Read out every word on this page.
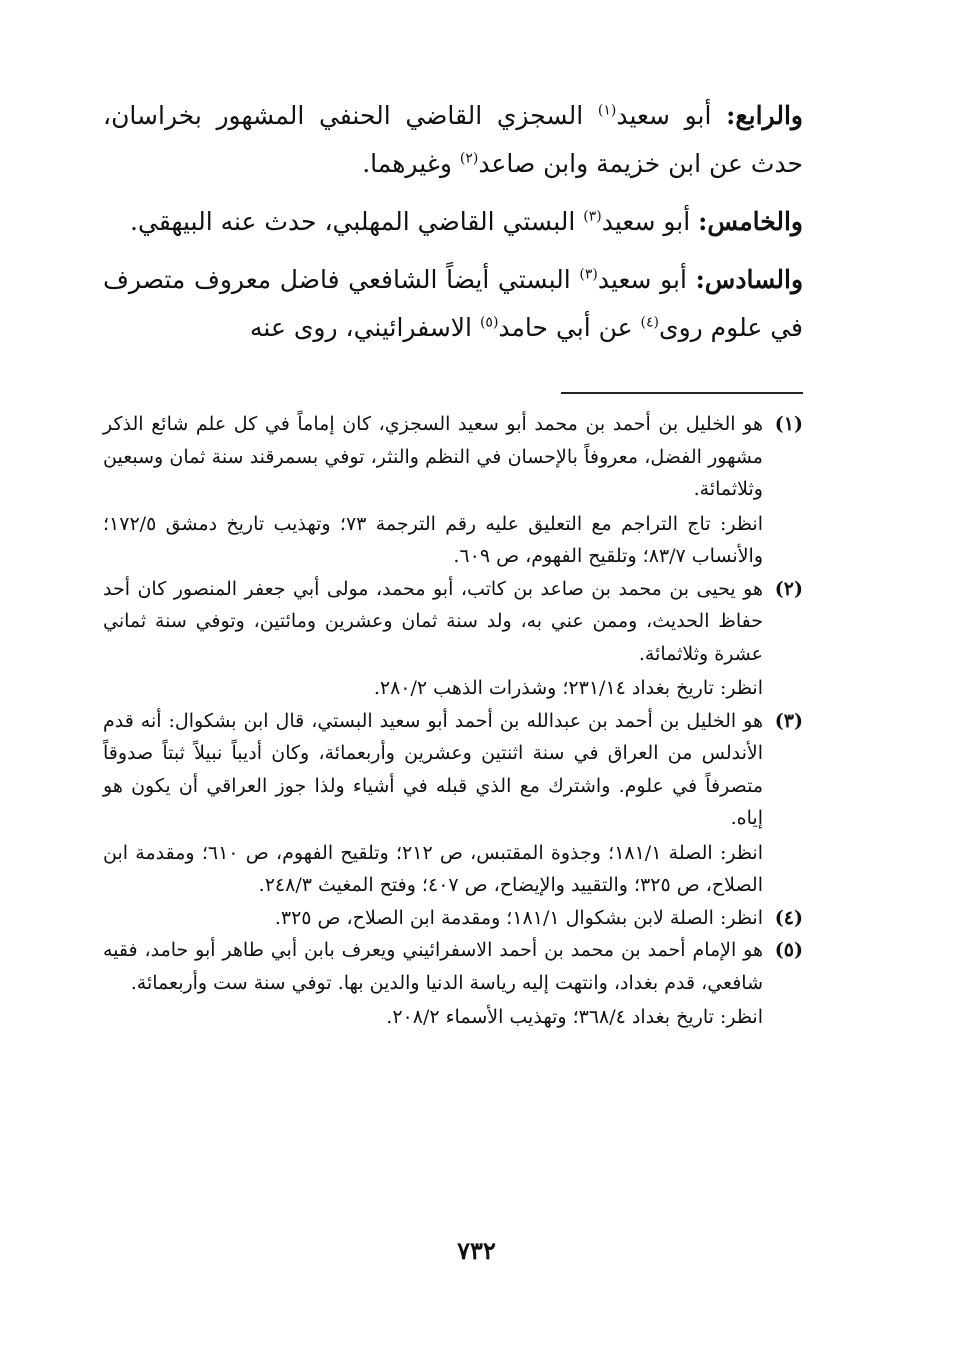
والرابع: أبو سعيد$^{(١)}$ السجزي القاضي الحنفي المشهور بخراسان، حدث عن ابن خزيمة وابن صاعد$^{(٢)}$ وغيرهما.

والخامس: أبو سعيد$^{(٣)}$ البستي القاضي المهلبي، حدث عنه البيهقي.

والسادس: أبو سعيد$^{(٣)}$ البستي أيضاً الشافعي فاضل معروف متصرف في علوم روى$^{(٤)}$ عن أبي حامد$^{(٥)}$ الاسفرائيني، روى عنه

(١)

هو الخليل بن أحمد بن محمد أبو سعيد السجزي، كان إماماً في كل علم شائع الذكر مشهور الفضل، معروفاً بالإحسان في النظم والنثر، توفي بسمرقند سنة ثمان وسبعين وثلاثمائة.

انظر: تاج التراجم مع التعليق عليه رقم الترجمة ٧٣؛ وتهذيب تاريخ دمشق ١٧٢/٥؛ والأنساب ٨٣/٧؛ وتلقيح الفهوم، ص ٦٠٩.

(٢)

هو يحيى بن محمد بن صاعد بن كاتب، أبو محمد، مولى أبي جعفر المنصور كان أحد حفاظ الحديث، وممن عني به، ولد سنة ثمان وعشرين ومائتين، وتوفي سنة ثماني عشرة وثلاثمائة.

انظر: تاريخ بغداد ٢٣١/١٤؛ وشذرات الذهب ٢٨٠/٢.

(٣)

هو الخليل بن أحمد بن عبدالله بن أحمد أبو سعيد البستي، قال ابن بشكوال: أنه قدم الأندلس من العراق في سنة اثنتين وعشرين وأربعمائة، وكان أديباً نبيلاً ثبتاً صدوقاً متصرفاً في علوم. واشترك مع الذي قبله في أشياء ولذا جوز العراقي أن يكون هو إياه.

انظر: الصلة ١٨١/١؛ وجذوة المقتبس، ص ٢١٢؛ وتلقيح الفهوم، ص ٦١٠؛ ومقدمة ابن الصلاح، ص ٣٢٥؛ والتقييد والإيضاح، ص ٤٠٧؛ وفتح المغيث ٢٤٨/٣.

(٤)

انظر: الصلة لابن بشكوال ١٨١/١؛ ومقدمة ابن الصلاح، ص ٣٢٥.

(٥)

هو الإمام أحمد بن محمد بن أحمد الاسفرائيني ويعرف بابن أبي طاهر أبو حامد، فقيه شافعي، قدم بغداد، وانتهت إليه رياسة الدنيا والدين بها. توفي سنة ست وأربعمائة.

انظر: تاريخ بغداد ٣٦٨/٤؛ وتهذيب الأسماء ٢٠٨/٢.

٧٣٢
